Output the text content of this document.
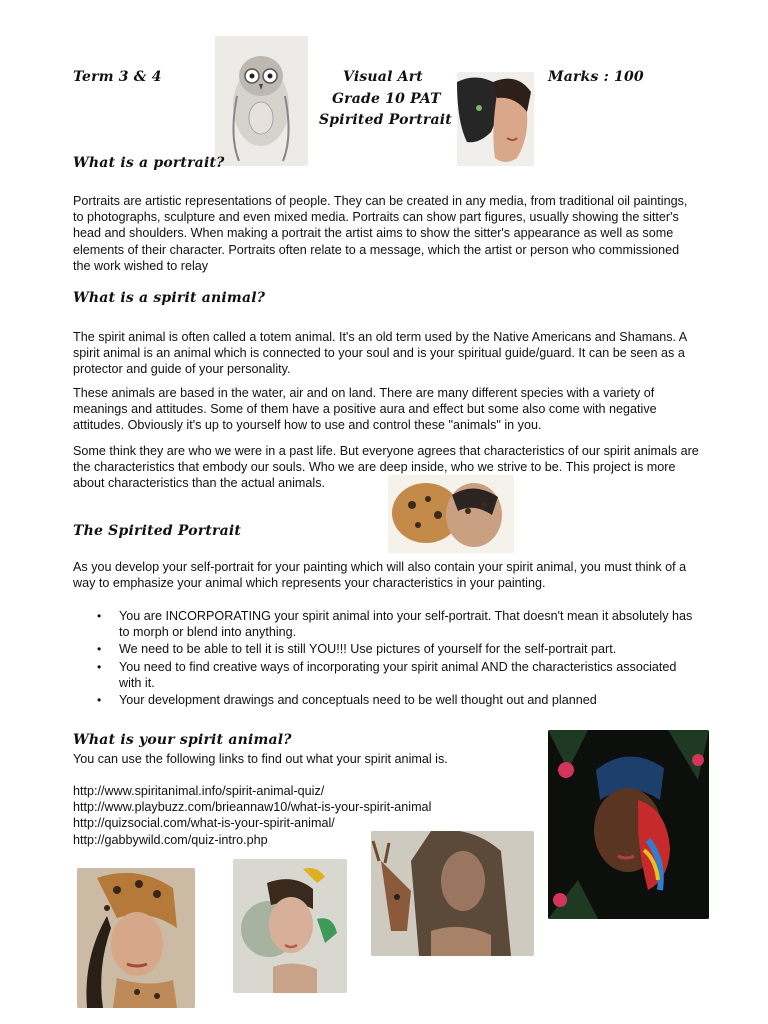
Term 3 & 4	Visual Art
Grade 10 PAT
Spirited Portrait
Marks : 100
What is a portrait?

Portraits are artistic representations of people. They can be created in any media, from traditional oil paintings, to photographs, sculpture and even mixed media. Portraits can show part figures, usually showing the sitter's head and shoulders. When making a portrait the artist aims to show the sitter's appearance as well as some elements of their character. Portraits often relate to a message, which the artist or person who commissioned the work wished to relay

What is a spirit animal?

The spirit animal is often called a totem animal. It's an old term used by the Native Americans and Shamans. A spirit animal is an animal which is connected to your soul and is your spiritual guide/guard. It can be seen as a protector and guide of your personality.

These animals are based in the water, air and on land. There are many different species with a variety of meanings and attitudes. Some of them have a positive aura and effect but some also come with negative attitudes. Obviously it's up to yourself how to use and control these "animals" in you.

Some think they are who we were in a past life. But everyone agrees that characteristics of our spirit animals are the characteristics that embody our souls. Who we are deep inside, who we strive to be. This project is more about characteristics than the actual animals.

The Spirited Portrait

As you develop your self-portrait for your painting which will also contain your spirit animal, you must think of a way to emphasize your animal which represents your characteristics in your painting.

• You are INCORPORATING your spirit animal into your self-portrait. That doesn't mean it absolutely has to morph or blend into anything.
• We need to be able to tell it is still YOU!!! Use pictures of yourself for the self-portrait part.
• You need to find creative ways of incorporating your spirit animal AND the characteristics associated with it.
• Your development drawings and conceptuals need to be well thought out and planned
What is your spirit animal?
You can use the following links to find out what your spirit animal is.
http://www.spiritanimal.info/spirit-animal-quiz/
http://www.playbuzz.com/brieannaw10/what-is-your-spirit-animal
http://quizsocial.com/what-is-your-spirit-animal/
http://gabbywild.com/quiz-intro.php
